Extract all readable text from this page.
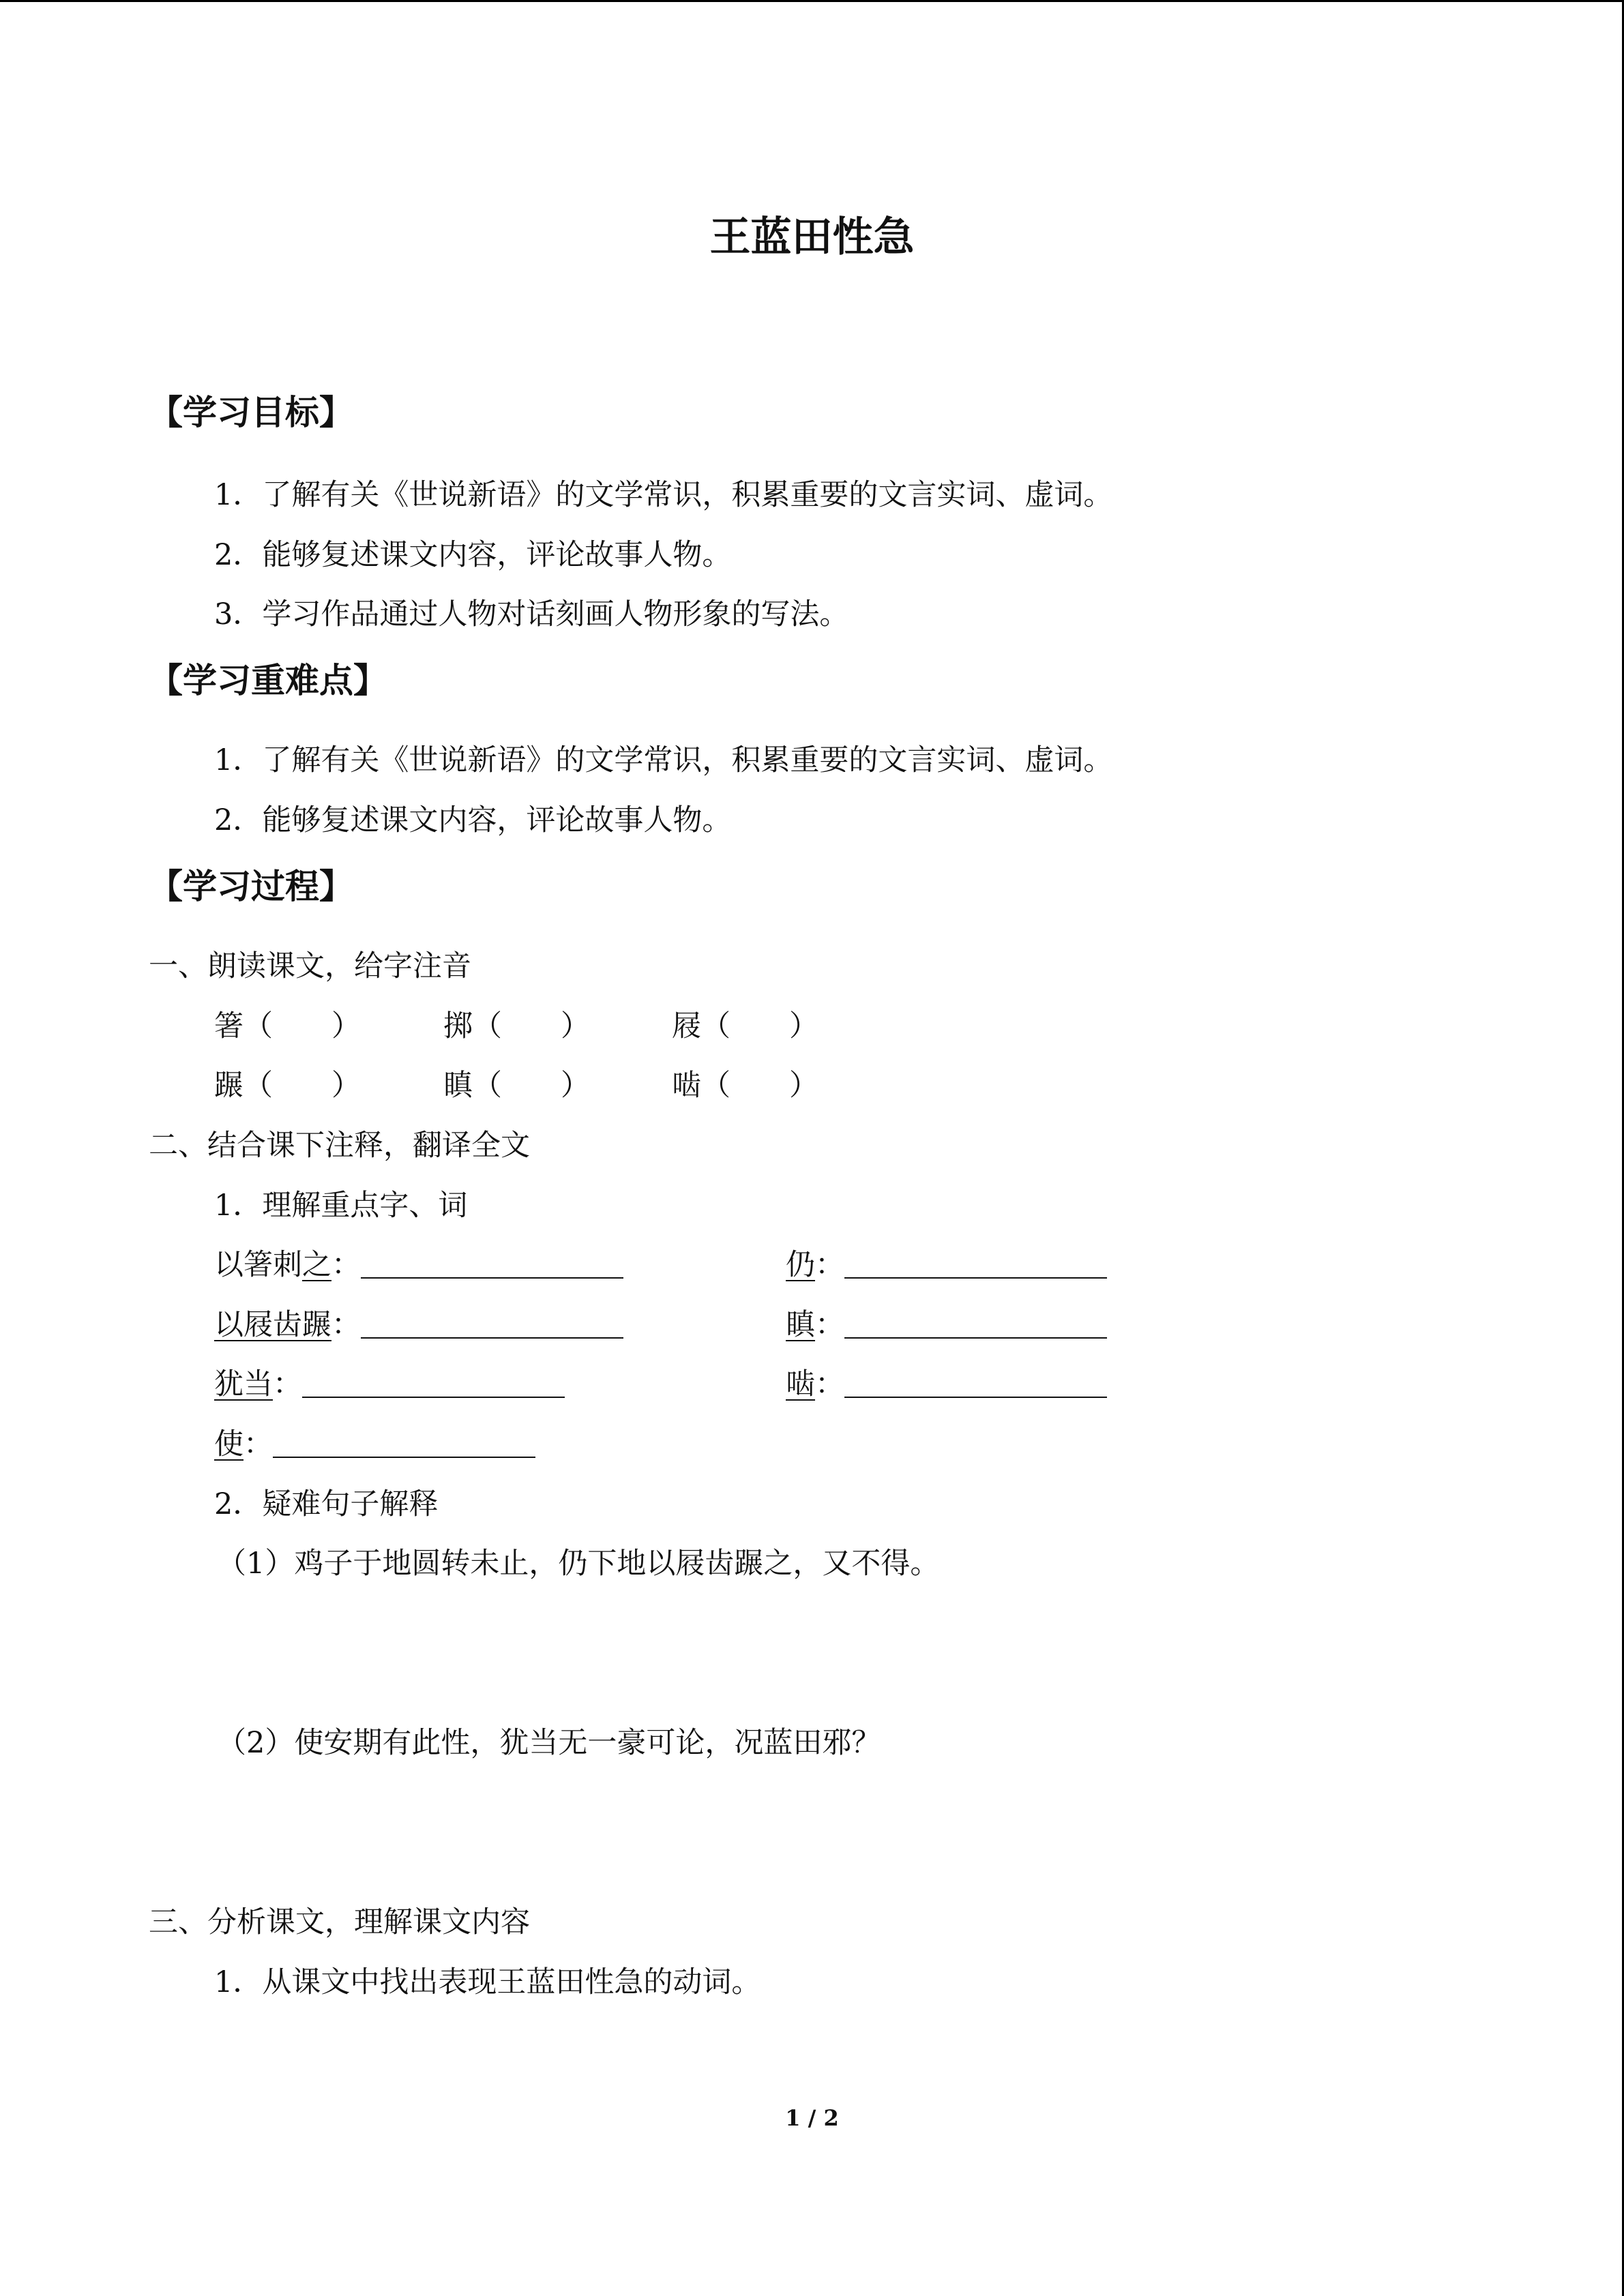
王蓝田性急
【学习目标】
1．了解有关《世说新语》的文学常识，积累重要的文言实词、虚词。
2．能够复述课文内容，评论故事人物。
3．学习作品通过人物对话刻画人物形象的写法。
【学习重难点】
1．了解有关《世说新语》的文学常识，积累重要的文言实词、虚词。
2．能够复述课文内容，评论故事人物。
【学习过程】
一、朗读课文，给字注音
箸（　　）	掷（　　）	屐（　　）
蹍（　　）	瞋（　　）	啮（　　）
二、结合课下注释，翻译全文
1．理解重点字、词
以箸刺之：	仍：
以屐齿蹍：	瞋：
犹当：	啮：
使：
2．疑难句子解释
（1）鸡子于地圆转未止，仍下地以屐齿蹍之，又不得。
（2）使安期有此性，犹当无一豪可论，况蓝田邪？
三、分析课文，理解课文内容
1．从课文中找出表现王蓝田性急的动词。
1 / 2
